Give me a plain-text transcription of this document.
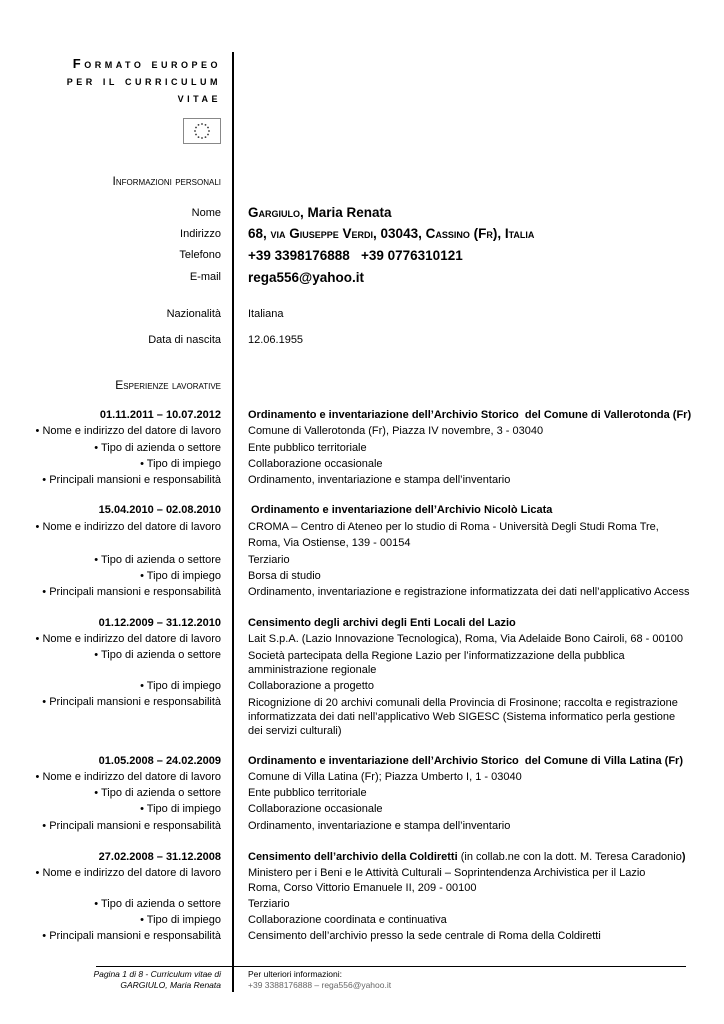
Formato europeo
per il curriculum
vitae
Informazioni personali
Nome Gargiulo, Maria Renata
Indirizzo 68, via Giuseppe Verdi, 03043, Cassino (Fr), Italia
Telefono +39 3398176888   +39 0776310121
E-mail rega556@yahoo.it
Nazionalità Italiana
Data di nascita 12.06.1955
Esperienze lavorative
01.11.2011 – 10.07.2012 Ordinamento e inventariazione dell’Archivio Storico  del Comune di Vallerotonda (Fr)
• Nome e indirizzo del datore di lavoro Comune di Vallerotonda (Fr), Piazza IV novembre, 3 - 03040
• Tipo di azienda o settore Ente pubblico territoriale
• Tipo di impiego Collaborazione occasionale
• Principali mansioni e responsabilità Ordinamento, inventariazione e stampa dell’inventario
15.04.2010 – 02.08.2010 Ordinamento e inventariazione dell’Archivio Nicolò Licata
• Nome e indirizzo del datore di lavoro CROMA – Centro di Ateneo per lo studio di Roma - Università Degli Studi Roma Tre,
Roma, Via Ostiense, 139 - 00154
• Tipo di azienda o settore Terziario
• Tipo di impiego Borsa di studio
• Principali mansioni e responsabilità Ordinamento, inventariazione e registrazione informatizzata dei dati nell’applicativo Access
01.12.2009 – 31.12.2010 Censimento degli archivi degli Enti Locali del Lazio
• Nome e indirizzo del datore di lavoro Lait S.p.A. (Lazio Innovazione Tecnologica), Roma, Via Adelaide Bono Cairoli, 68 - 00100
• Tipo di azienda o settore Società partecipata della Regione Lazio per l’informatizzazione della pubblica amministrazione regionale
• Tipo di impiego Collaborazione a progetto
• Principali mansioni e responsabilità Ricognizione di 20 archivi comunali della Provincia di Frosinone; raccolta e registrazione informatizzata dei dati nell’applicativo Web SIGESC (Sistema informatico perla gestione dei servizi culturali)
01.05.2008 – 24.02.2009 Ordinamento e inventariazione dell’Archivio Storico  del Comune di Villa Latina (Fr)
• Nome e indirizzo del datore di lavoro Comune di Villa Latina (Fr); Piazza Umberto I, 1 - 03040
• Tipo di azienda o settore Ente pubblico territoriale
• Tipo di impiego Collaborazione occasionale
• Principali mansioni e responsabilità Ordinamento, inventariazione e stampa dell’inventario
27.02.2008 – 31.12.2008 Censimento dell’archivio della Coldiretti (in collab.ne con la dott. M. Teresa Caradonio)
• Nome e indirizzo del datore di lavoro Ministero per i Beni e le Attività Culturali – Soprintendenza Archivistica per il Lazio
Roma, Corso Vittorio Emanuele II, 209 - 00100
• Tipo di azienda o settore Terziario
• Tipo di impiego Collaborazione coordinata e continuativa
• Principali mansioni e responsabilità Censimento dell’archivio presso la sede centrale di Roma della Coldiretti
Pagina 1 di 8 - Curriculum vitae di
GARGIULO, Maria Renata
Per ulteriori informazioni:
+39 3388176888 – rega556@yahoo.it
